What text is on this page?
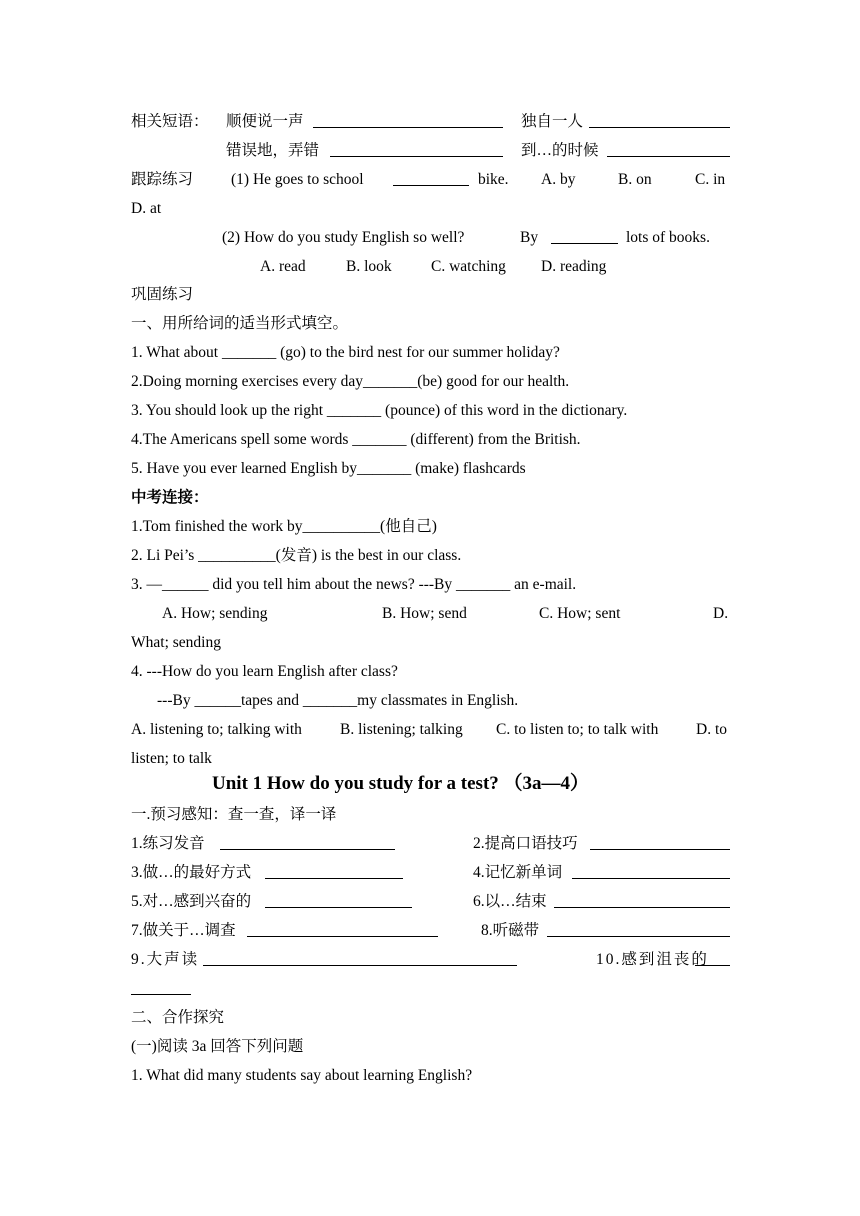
相关短语： 顺便说一声	独自一人
错误地，弄错	到…的时候
跟踪练习 (1) He goes to school	bike. A. by	B. on	C. in
D. at
(2) How do you study English so well?	By	lots of books.
A. read	B. look	C. watching D. reading
巩固练习
一、用所给词的适当形式填空。
1. What about _______ (go) to the bird nest for our summer holiday?
2.Doing morning exercises every day_______(be) good for our health.
3. You should look up the right _______ (pounce) of this word in the dictionary.
4.The Americans spell some words _______ (different) from the British.
5. Have you ever learned English by_______ (make) flashcards
中考连接：
1.Tom finished the work by__________(他自己)
2. Li Pei’s __________(发音) is the best in our class.
3. —______ did you tell him about the news? ---By _______ an e-mail.
A. How; sending	B. How; send	C. How; sent	D.
What; sending
4. ---How do you learn English after class?
---By ______tapes and _______my classmates in English.
A. listening to; talking with B. listening; talking C. to listen to; to talk with D. to
listen; to talk
Unit 1 How do you study for a test? （3a—4）
一.预习感知：查一查，译一译
1.练习发音	2.提高口语技巧
3.做…的最好方式	4.记忆新单词
5.对…感到兴奋的	6.以…结束
7.做关于…调查	8.听磁带
9.大声读	10.感到沮丧的
二、合作探究
(一)阅读 3a 回答下列问题
1. What did many students say about learning English?
